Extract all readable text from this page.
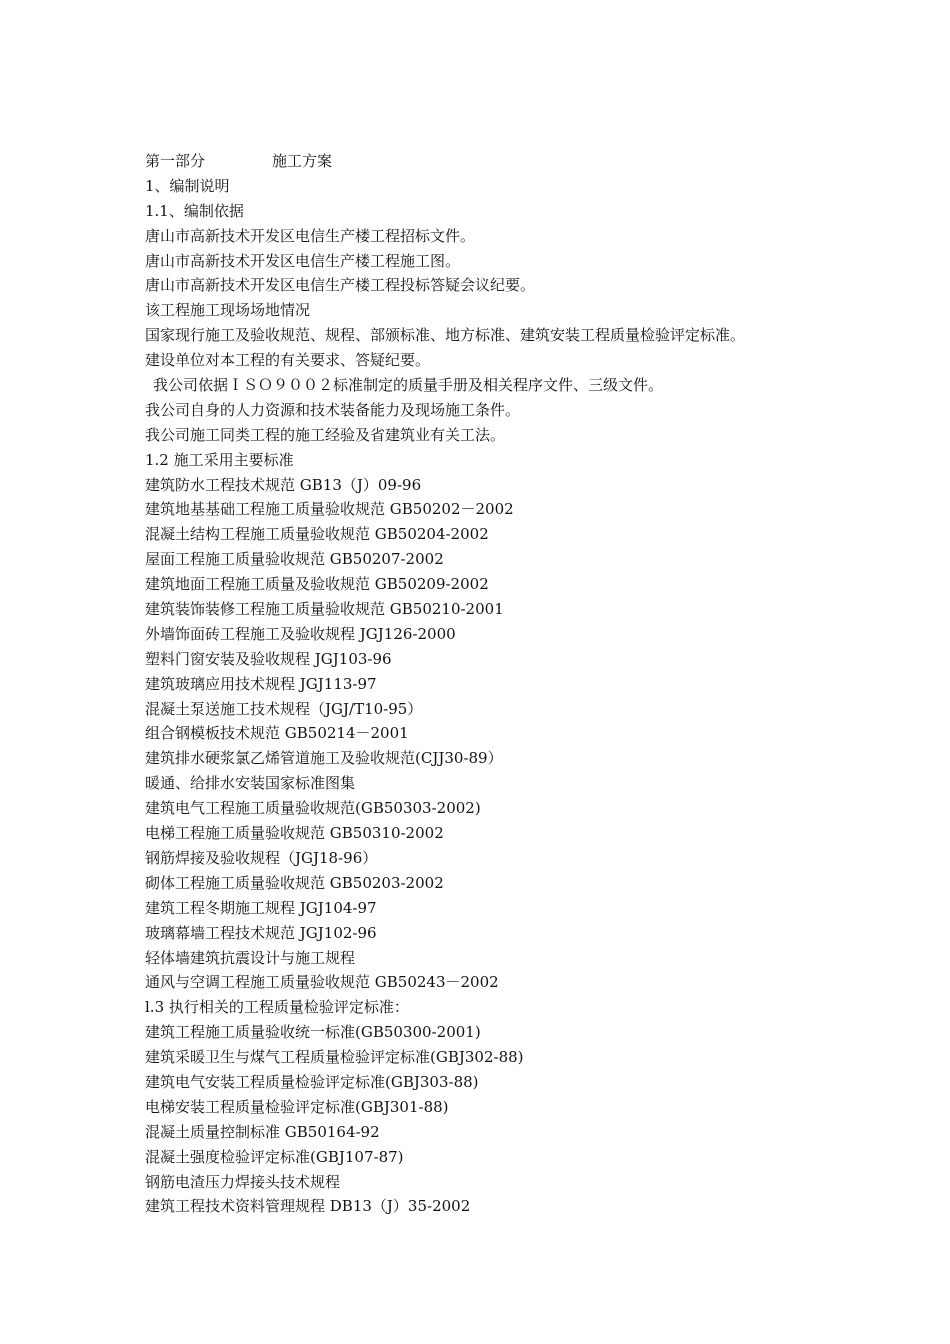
第一部分	施工方案
1、编制说明
1.1、编制依据
唐山市高新技术开发区电信生产楼工程招标文件。
唐山市高新技术开发区电信生产楼工程施工图。
唐山市高新技术开发区电信生产楼工程投标答疑会议纪要。
该工程施工现场场地情况
国家现行施工及验收规范、规程、部颁标准、地方标准、建筑安装工程质量检验评定标准。
建设单位对本工程的有关要求、答疑纪要。
我公司依据ＩＳＯ９００２标准制定的质量手册及相关程序文件、三级文件。
我公司自身的人力资源和技术装备能力及现场施工条件。
我公司施工同类工程的施工经验及省建筑业有关工法。
1.2 施工采用主要标准
建筑防水工程技术规范 GB13（J）09-96
建筑地基基础工程施工质量验收规范 GB50202－2002
混凝土结构工程施工质量验收规范 GB50204-2002
屋面工程施工质量验收规范 GB50207-2002
建筑地面工程施工质量及验收规范 GB50209-2002
建筑装饰装修工程施工质量验收规范 GB50210-2001
外墙饰面砖工程施工及验收规程 JGJ126-2000
塑料门窗安装及验收规程 JGJ103-96
建筑玻璃应用技术规程 JGJ113-97
混凝土泵送施工技术规程（JGJ/T10-95）
组合钢模板技术规范 GB50214－2001
建筑排水硬浆氯乙烯管道施工及验收规范(CJJ30-89）
暖通、给排水安装国家标准图集
建筑电气工程施工质量验收规范(GB50303-2002)
电梯工程施工质量验收规范 GB50310-2002
钢筋焊接及验收规程（JGJ18-96）
砌体工程施工质量验收规范 GB50203-2002
建筑工程冬期施工规程 JGJ104-97
玻璃幕墙工程技术规范 JGJ102-96
轻体墙建筑抗震设计与施工规程
通风与空调工程施工质量验收规范 GB50243－2002
l.3 执行相关的工程质量检验评定标准：
建筑工程施工质量验收统一标准(GB50300-2001)
建筑采暖卫生与煤气工程质量检验评定标准(GBJ302-88)
建筑电气安装工程质量检验评定标准(GBJ303-88)
电梯安装工程质量检验评定标准(GBJ301-88)
混凝土质量控制标准 GB50164-92
混凝土强度检验评定标准(GBJ107-87)
钢筋电渣压力焊接头技术规程
建筑工程技术资料管理规程 DB13（J）35-2002
